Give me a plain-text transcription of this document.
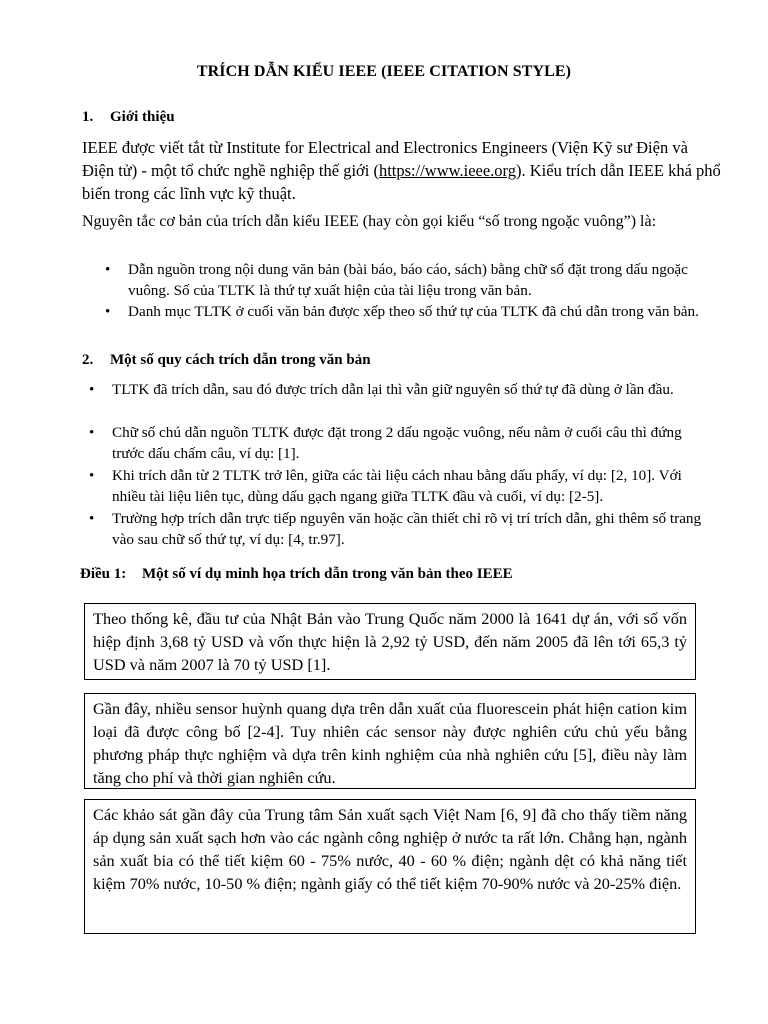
TRÍCH DẪN KIỂU IEEE (IEEE CITATION STYLE)
1. Giới thiệu
IEEE được viết tắt từ Institute for Electrical and Electronics Engineers (Viện Kỹ sư Điện và Điện tử) - một tổ chức nghề nghiệp thế giới (https://www.ieee.org). Kiểu trích dẫn IEEE khá phổ biến trong các lĩnh vực kỹ thuật.
Nguyên tắc cơ bản của trích dẫn kiểu IEEE (hay còn gọi kiểu “số trong ngoặc vuông”) là:
• Dẫn nguồn trong nội dung văn bản (bài báo, báo cáo, sách) bằng chữ số đặt trong dấu ngoặc vuông. Số của TLTK là thứ tự xuất hiện của tài liệu trong văn bản.
• Danh mục TLTK ở cuối văn bản được xếp theo số thứ tự của TLTK đã chú dẫn trong văn bản.
2. Một số quy cách trích dẫn trong văn bản
• TLTK đã trích dẫn, sau đó được trích dẫn lại thì vẫn giữ nguyên số thứ tự đã dùng ở lần đầu.
• Chữ số chú dẫn nguồn TLTK được đặt trong 2 dấu ngoặc vuông, nếu nằm ở cuối câu thì đứng trước dấu chấm câu, ví dụ: [1].
• Khi trích dẫn từ 2 TLTK trở lên, giữa các tài liệu cách nhau bằng dấu phẩy, ví dụ: [2, 10]. Với nhiều tài liệu liên tục, dùng dấu gạch ngang giữa TLTK đầu và cuối, ví dụ: [2-5].
• Trường hợp trích dẫn trực tiếp nguyên văn hoặc cần thiết chỉ rõ vị trí trích dẫn, ghi thêm số trang vào sau chữ số thứ tự, ví dụ: [4, tr.97].
Điều 1: Một số ví dụ minh họa trích dẫn trong văn bản theo IEEE
Theo thống kê, đầu tư của Nhật Bản vào Trung Quốc năm 2000 là 1641 dự án, với số vốn hiệp định 3,68 tỷ USD và vốn thực hiện là 2,92 tỷ USD, đến năm 2005 đã lên tới 65,3 tỷ USD và năm 2007 là 70 tỷ USD [1].
Gần đây, nhiều sensor huỳnh quang dựa trên dẫn xuất của fluorescein phát hiện cation kim loại đã được công bố [2-4]. Tuy nhiên các sensor này được nghiên cứu chủ yếu bằng phương pháp thực nghiệm và dựa trên kinh nghiệm của nhà nghiên cứu [5], điều này làm tăng cho phí và thời gian nghiên cứu.
Các khảo sát gần đây của Trung tâm Sản xuất sạch Việt Nam [6, 9] đã cho thấy tiềm năng áp dụng sản xuất sạch hơn vào các ngành công nghiệp ở nước ta rất lớn. Chẳng hạn, ngành sản xuất bia có thể tiết kiệm 60 - 75% nước, 40 - 60 % điện; ngành dệt có khả năng tiết kiệm 70% nước, 10-50 % điện; ngành giấy có thể tiết kiệm 70-90% nước và 20-25% điện.
